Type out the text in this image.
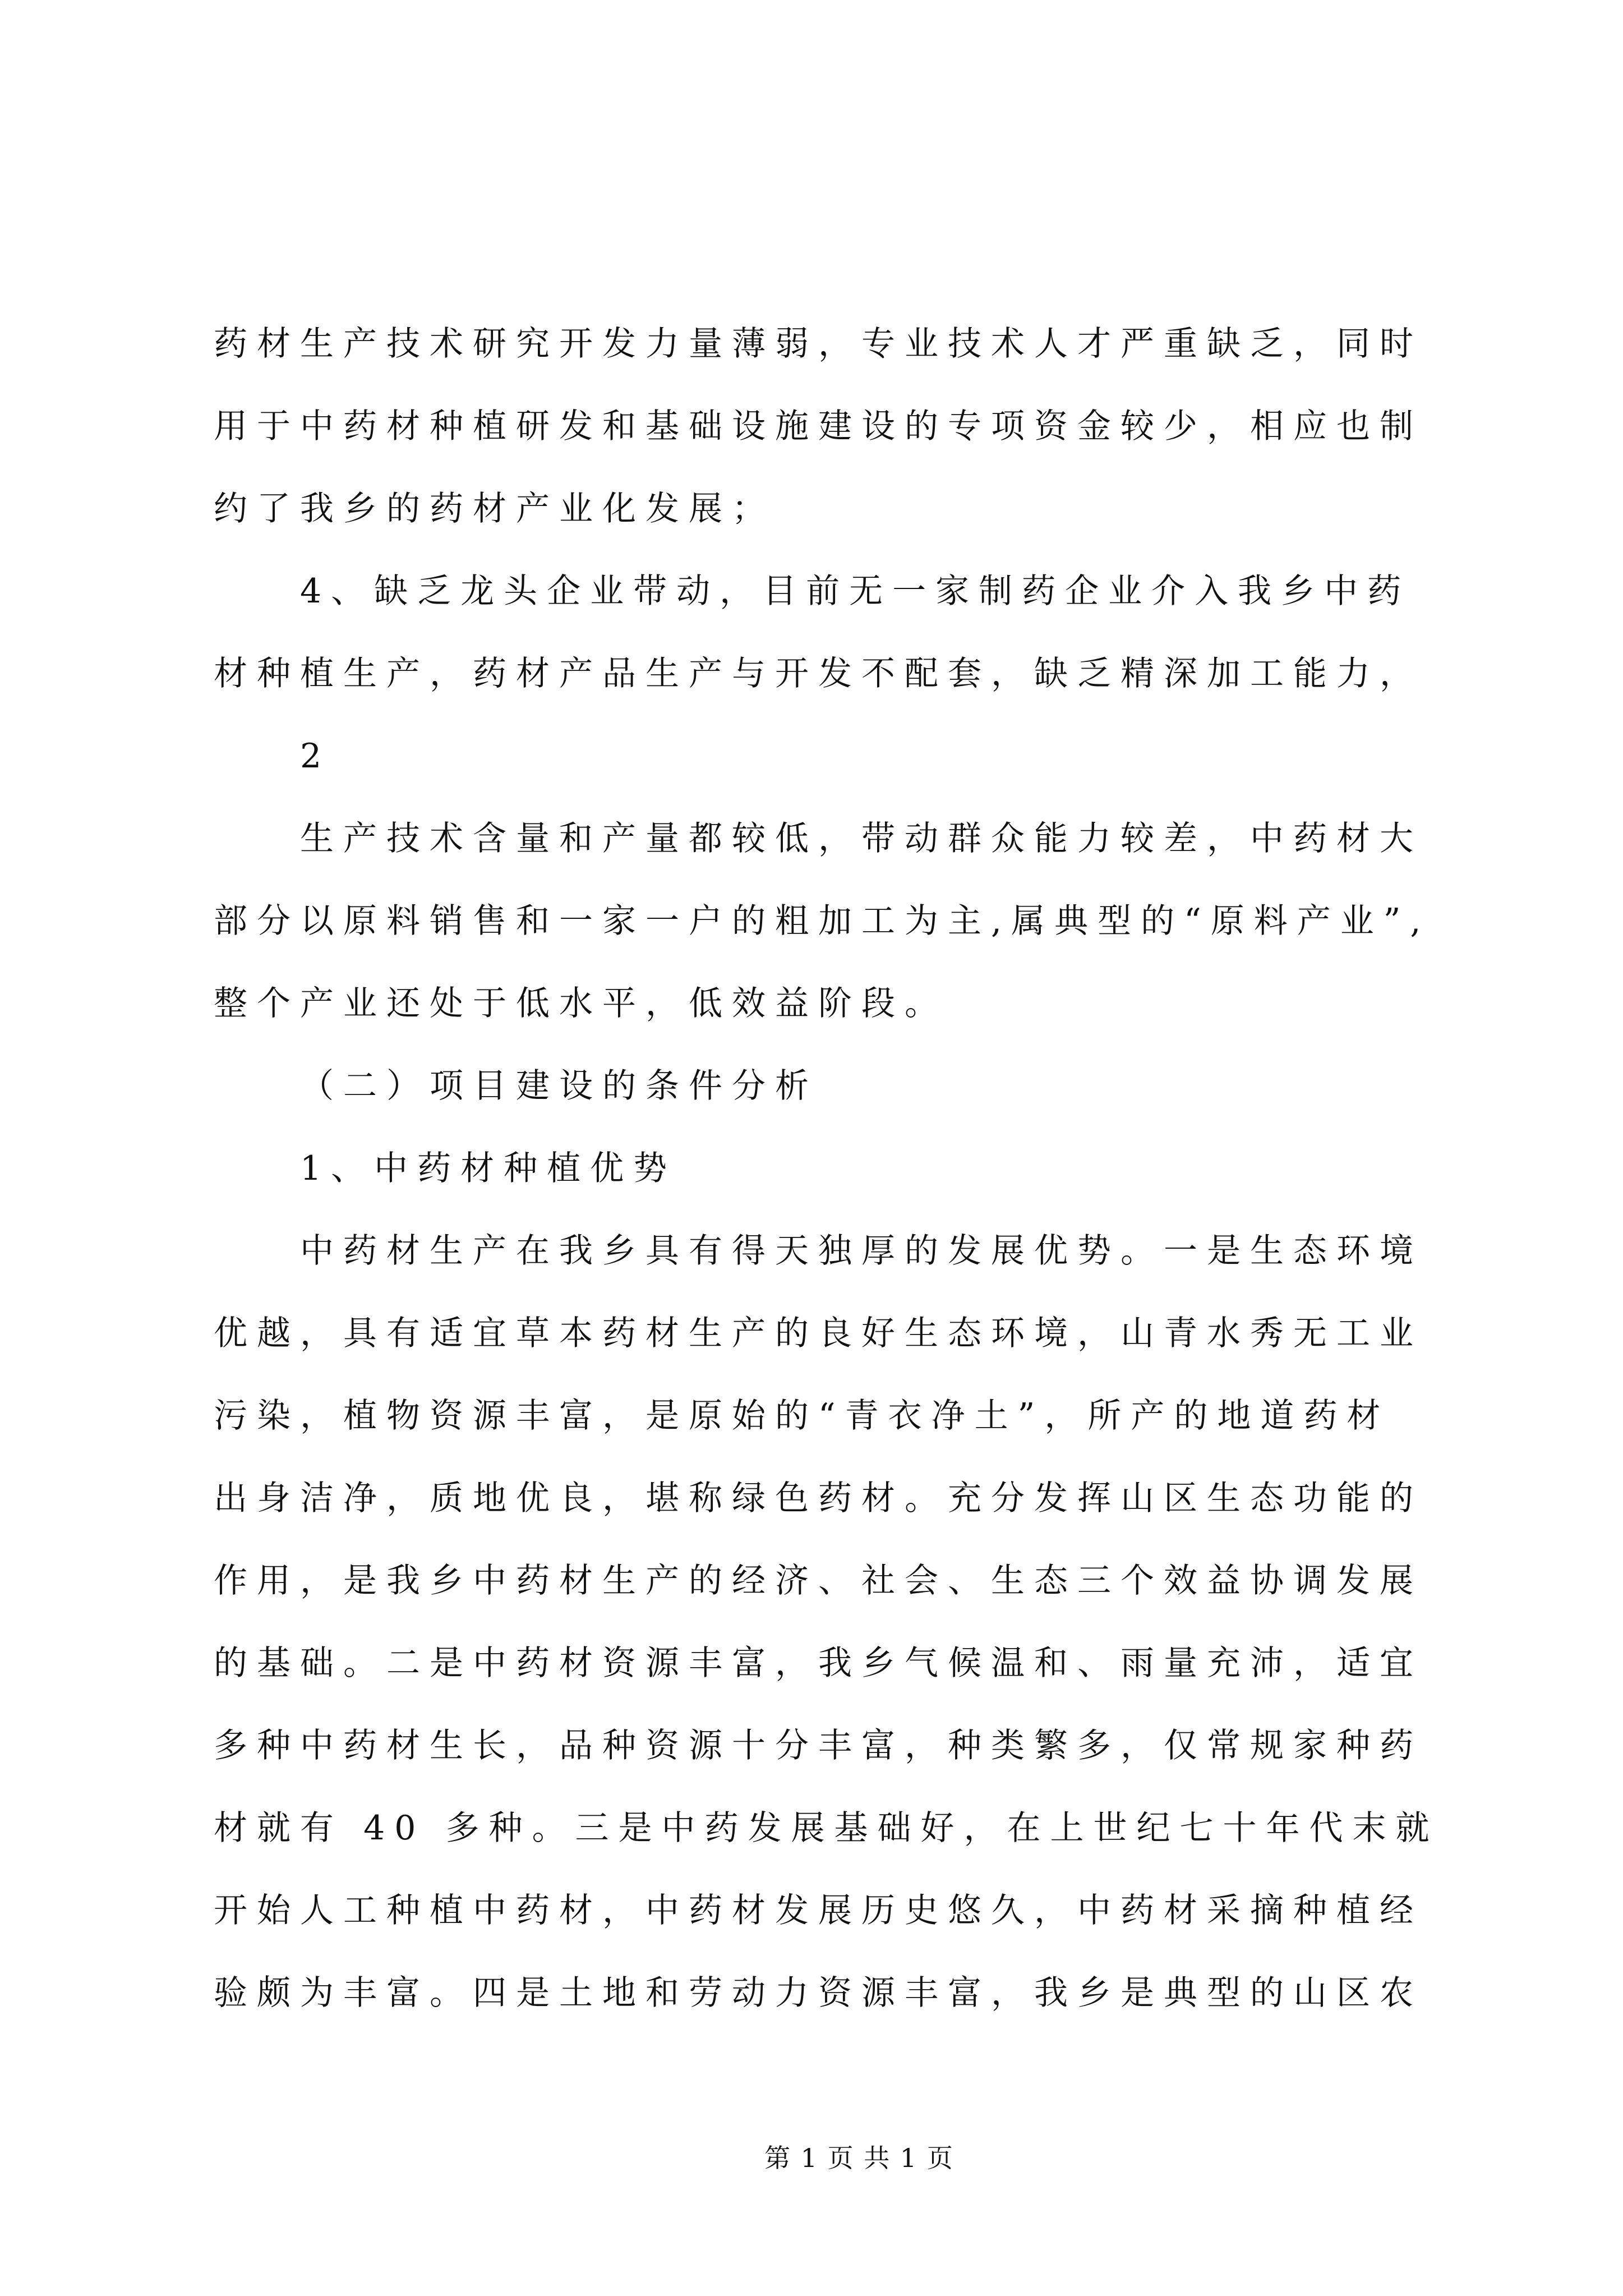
药材生产技术研究开发力量薄弱，专业技术人才严重缺乏，同时
用于中药材种植研发和基础设施建设的专项资金较少，相应也制
约了我乡的药材产业化发展；
4、缺乏龙头企业带动，目前无一家制药企业介入我乡中药
材种植生产，药材产品生产与开发不配套，缺乏精深加工能力，
2
生产技术含量和产量都较低，带动群众能力较差，中药材大
部分以原料销售和一家一户的粗加工为主,属典型的“原料产业”,
整个产业还处于低水平，低效益阶段。
（二）项目建设的条件分析
1、中药材种植优势
中药材生产在我乡具有得天独厚的发展优势。一是生态环境
优越，具有适宜草本药材生产的良好生态环境，山青水秀无工业
污染，植物资源丰富，是原始的“青衣净土”，所产的地道药材
出身洁净，质地优良，堪称绿色药材。充分发挥山区生态功能的
作用，是我乡中药材生产的经济、社会、生态三个效益协调发展
的基础。二是中药材资源丰富，我乡气候温和、雨量充沛，适宜
多种中药材生长，品种资源十分丰富，种类繁多，仅常规家种药
材就有 40 多种。三是中药发展基础好，在上世纪七十年代末就
开始人工种植中药材，中药材发展历史悠久，中药材采摘种植经
验颇为丰富。四是土地和劳动力资源丰富，我乡是典型的山区农
第 1 页 共 1 页
